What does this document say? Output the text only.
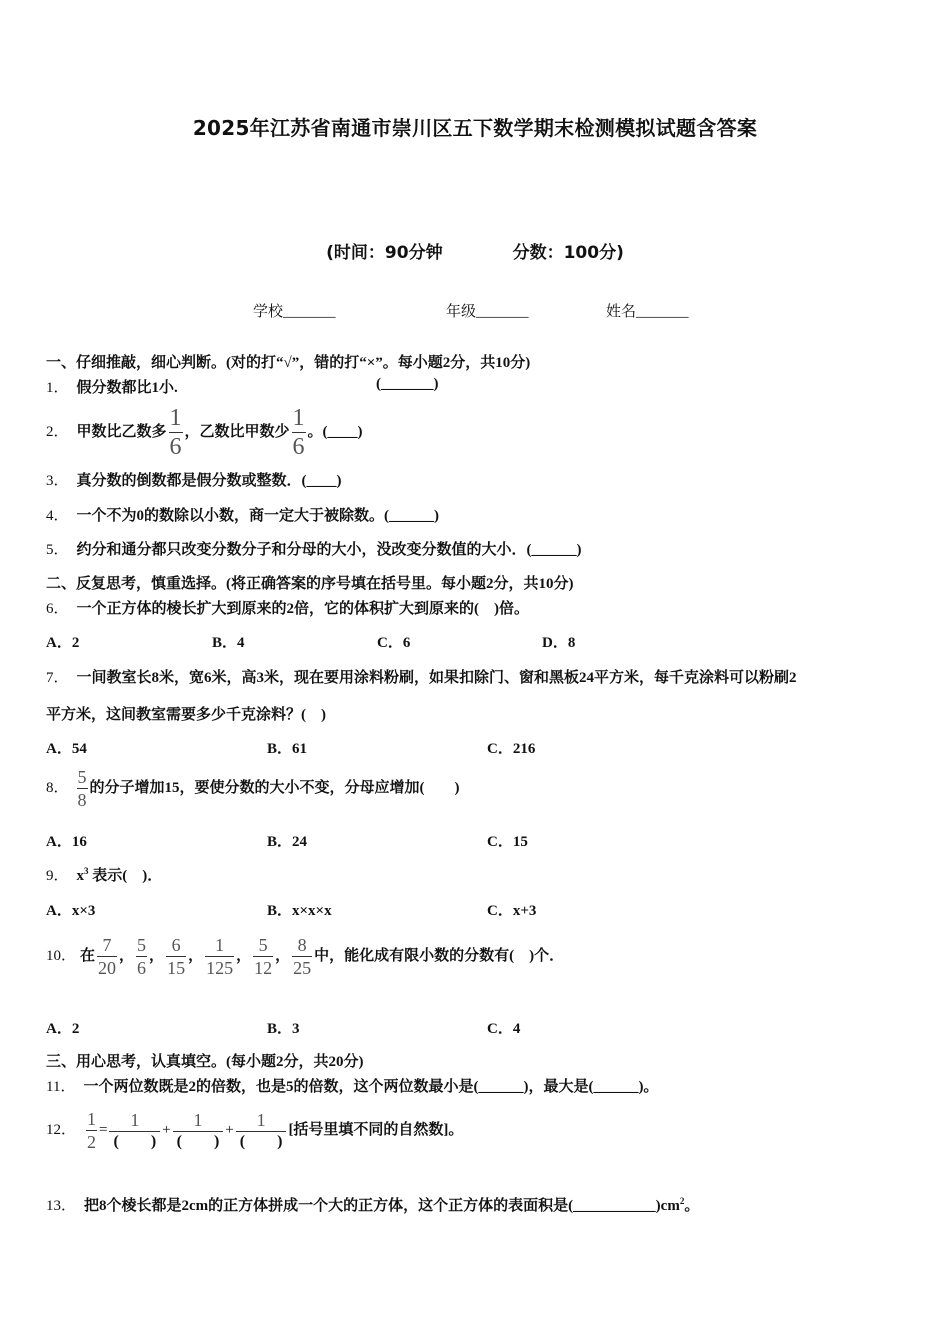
2025年江苏省南通市崇川区五下数学期末检测模拟试题含答案
(时间：90分钟	分数：100分)
学校_______	年级_______	姓名_______
一、仔细推敲，细心判断。(对的打“√”，错的打“×”。每小题2分，共10分)
1． 假分数都比1小.	(_______)
2． 甲数比乙数多 $\frac{1}{6}$ ，乙数比甲数少 $\frac{1}{6}$ 。(____)
3． 真分数的倒数都是假分数或整数．(____)
4． 一个不为0的数除以小数，商一定大于被除数。(______)
5． 约分和通分都只改变分数分子和分母的大小，没改变分数值的大小．(______)
二、反复思考，慎重选择。(将正确答案的序号填在括号里。每小题2分，共10分)
6． 一个正方体的棱长扩大到原来的2倍，它的体积扩大到原来的(　)倍。
A．2	B．4	C．6	D．8
7． 一间教室长8米，宽6米，高3米，现在要用涂料粉刷，如果扣除门、窗和黑板24平方米，每千克涂料可以粉刷2
平方米，这间教室需要多少千克涂料？(　)
A．54	B．61	C．216
8． $\frac{5}{8}$ 的分子增加15，要使分数的大小不变，分母应增加(　　)
A．16	B．24	C．15
9． $x^3$ 表示(　)．
A．x×3	B．x×x×x	C．x+3
10． 在 $\frac{7}{20}$ ， $\frac{5}{6}$ ， $\frac{6}{15}$ ， $\frac{1}{125}$ ， $\frac{5}{12}$ ， $\frac{8}{25}$ 中，能化成有限小数的分数有(　)个．
A．2	B．3	C．4
三、用心思考，认真填空。(每小题2分，共20分)
11． 一个两位数既是2的倍数，也是5的倍数，这个两位数最小是(______)，最大是(______)。
12． $\frac{1}{2} = \frac{1}{( )} + \frac{1}{( )} + \frac{1}{( )}$ [括号里填不同的自然数]。
13． 把8个棱长都是2cm的正方体拼成一个大的正方体，这个正方体的表面积是$(\_\_\_\_\_\_\_\_\_\_\_)cm^2$。
